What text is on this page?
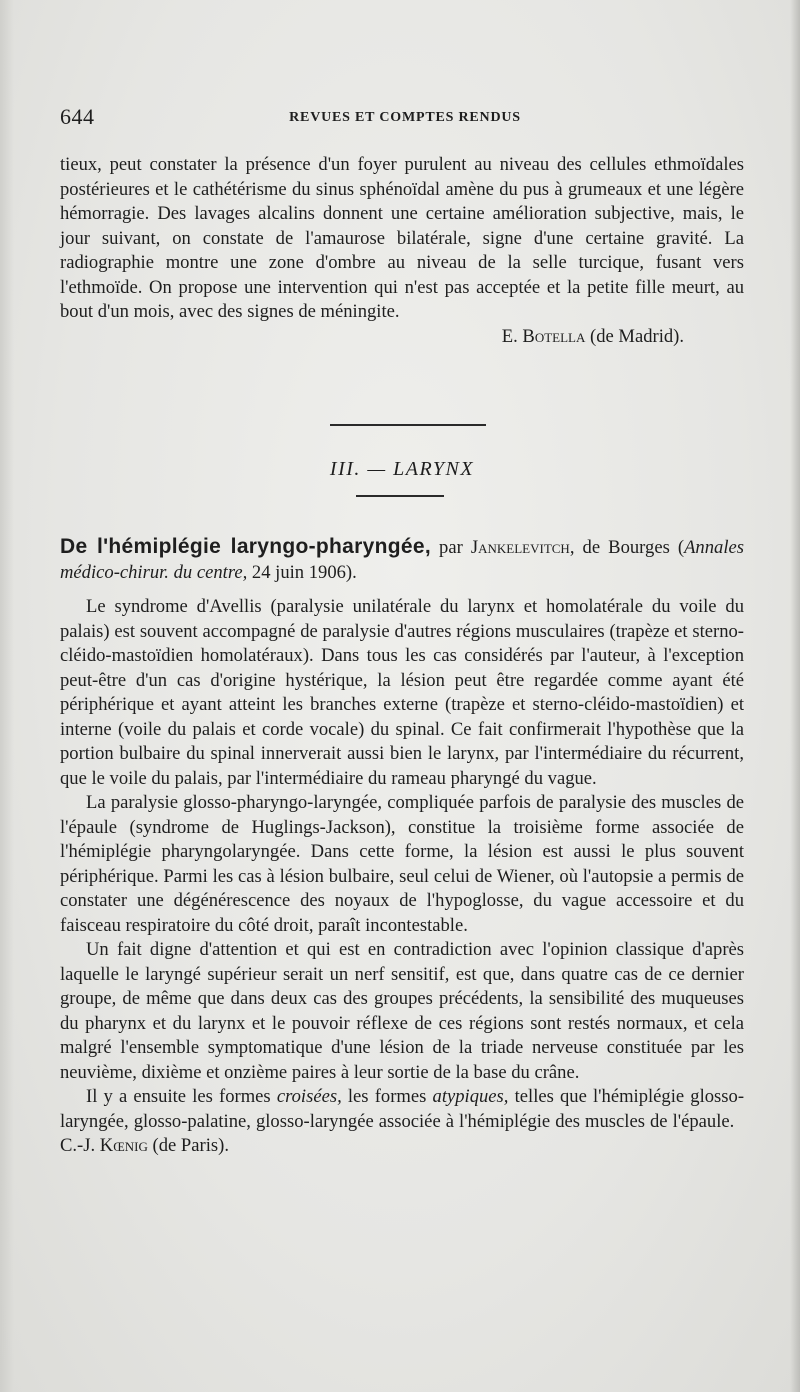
644	REVUES ET COMPTES RENDUS

tieux, peut constater la présence d'un foyer purulent au niveau des cellules ethmoïdales postérieures et le cathétérisme du sinus sphénoïdal amène du pus à grumeaux et une légère hémorragie. Des lavages alcalins donnent une certaine amélioration subjective, mais, le jour suivant, on constate de l'amaurose bilatérale, signe d'une certaine gravité. La radiographie montre une zone d'ombre au niveau de la selle turcique, fusant vers l'ethmoïde. On propose une intervention qui n'est pas acceptée et la petite fille meurt, au bout d'un mois, avec des signes de méningite.

E. Botella (de Madrid).

III. — LARYNX

De l'hémiplégie laryngo-pharyngée, par Jankelevitch, de Bourges (Annales médico-chirur. du centre, 24 juin 1906).

Le syndrome d'Avellis (paralysie unilatérale du larynx et homolatérale du voile du palais) est souvent accompagné de paralysie d'autres régions musculaires (trapèze et sterno-cléido-mastoïdien homolatéraux). Dans tous les cas considérés par l'auteur, à l'exception peut-être d'un cas d'origine hystérique, la lésion peut être regardée comme ayant été périphérique et ayant atteint les branches externe (trapèze et sterno-cléido-mastoïdien) et interne (voile du palais et corde vocale) du spinal. Ce fait confirmerait l'hypothèse que la portion bulbaire du spinal innerverait aussi bien le larynx, par l'intermédiaire du récurrent, que le voile du palais, par l'intermédiaire du rameau pharyngé du vague.

La paralysie glosso-pharyngo-laryngée, compliquée parfois de paralysie des muscles de l'épaule (syndrome de Huglings-Jackson), constitue la troisième forme associée de l'hémiplégie pharyngolaryngée. Dans cette forme, la lésion est aussi le plus souvent périphérique. Parmi les cas à lésion bulbaire, seul celui de Wiener, où l'autopsie a permis de constater une dégénérescence des noyaux de l'hypoglosse, du vague accessoire et du faisceau respiratoire du côté droit, paraît incontestable.

Un fait digne d'attention et qui est en contradiction avec l'opinion classique d'après laquelle le laryngé supérieur serait un nerf sensitif, est que, dans quatre cas de ce dernier groupe, de même que dans deux cas des groupes précédents, la sensibilité des muqueuses du pharynx et du larynx et le pouvoir réflexe de ces régions sont restés normaux, et cela malgré l'ensemble symptomatique d'une lésion de la triade nerveuse constituée par les neuvième, dixième et onzième paires à leur sortie de la base du crâne.

Il y a ensuite les formes croisées, les formes atypiques, telles que l'hémiplégie glosso-laryngée, glosso-palatine, glosso-laryngée associée à l'hémiplégie des muscles de l'épaule.   C.-J. Kœnig (de Paris).
